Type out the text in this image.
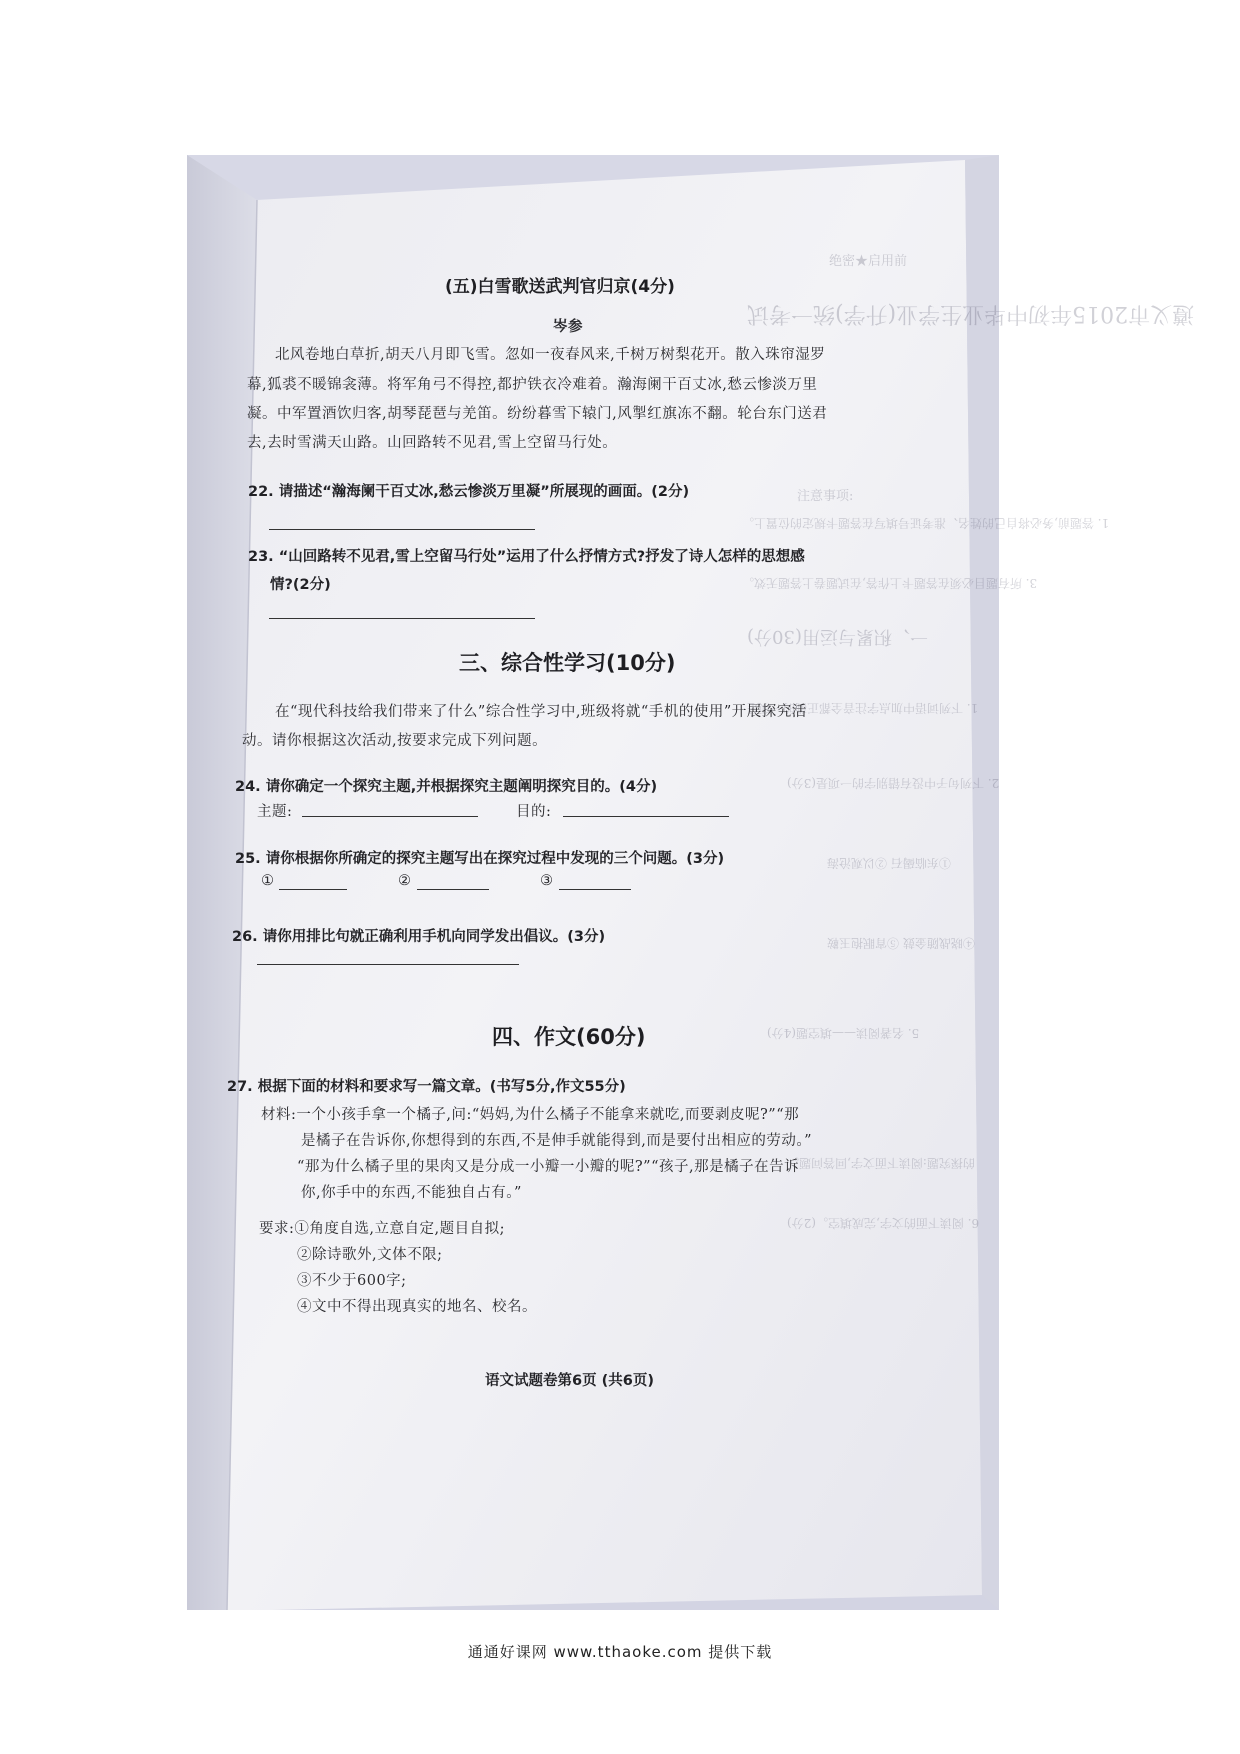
绝密★启用前
遵义市2015年初中毕业生学业(升学)统一考试
注意事项:
1. 答题前,务必将自己的姓名、准考证号填写在答题卡规定的位置上。
3. 所有题目必须在答题卡上作答,在试题卷上答题无效。
一、积累与运用(30分)
1. 下列词语中加点字注音全都正确的一项是
2. 下列句子中没有错别字的一项是(3分)
①东临碣石 ②以观沧海
④晓战随金鼓 ⑤宵眠抱玉鞍
5. 名著阅读——填空题(4分)
的探究题:阅读下面文字,回答问题。
6. 阅读下面的文字,完成填空。(2分)
(五)白雪歌送武判官归京(4分)
岑参
北风卷地白草折,胡天八月即飞雪。忽如一夜春风来,千树万树梨花开。散入珠帘湿罗
幕,狐裘不暖锦衾薄。将军角弓不得控,都护铁衣冷难着。瀚海阑干百丈冰,愁云惨淡万里
凝。中军置酒饮归客,胡琴琵琶与羌笛。纷纷暮雪下辕门,风掣红旗冻不翻。轮台东门送君
去,去时雪满天山路。山回路转不见君,雪上空留马行处。
22. 请描述“瀚海阑干百丈冰,愁云惨淡万里凝”所展现的画面。(2分)
23. “山回路转不见君,雪上空留马行处”运用了什么抒情方式?抒发了诗人怎样的思想感
情?(2分)
三、综合性学习(10分)
在“现代科技给我们带来了什么”综合性学习中,班级将就“手机的使用”开展探究活
动。请你根据这次活动,按要求完成下列问题。
24. 请你确定一个探究主题,并根据探究主题阐明探究目的。(4分)
主题:	目的:
25. 请你根据你所确定的探究主题写出在探究过程中发现的三个问题。(3分)
①	②	③
26. 请你用排比句就正确利用手机向同学发出倡议。(3分)
四、作文(60分)
27. 根据下面的材料和要求写一篇文章。(书写5分,作文55分)
材料:一个小孩手拿一个橘子,问:“妈妈,为什么橘子不能拿来就吃,而要剥皮呢?”“那
是橘子在告诉你,你想得到的东西,不是伸手就能得到,而是要付出相应的劳动。”
“那为什么橘子里的果肉又是分成一小瓣一小瓣的呢?”“孩子,那是橘子在告诉
你,你手中的东西,不能独自占有。”
要求:①角度自选,立意自定,题目自拟;
②除诗歌外,文体不限;
③不少于600字;
④文中不得出现真实的地名、校名。
语文试题卷第6页 (共6页)
通通好课网 www.tthaoke.com 提供下载
